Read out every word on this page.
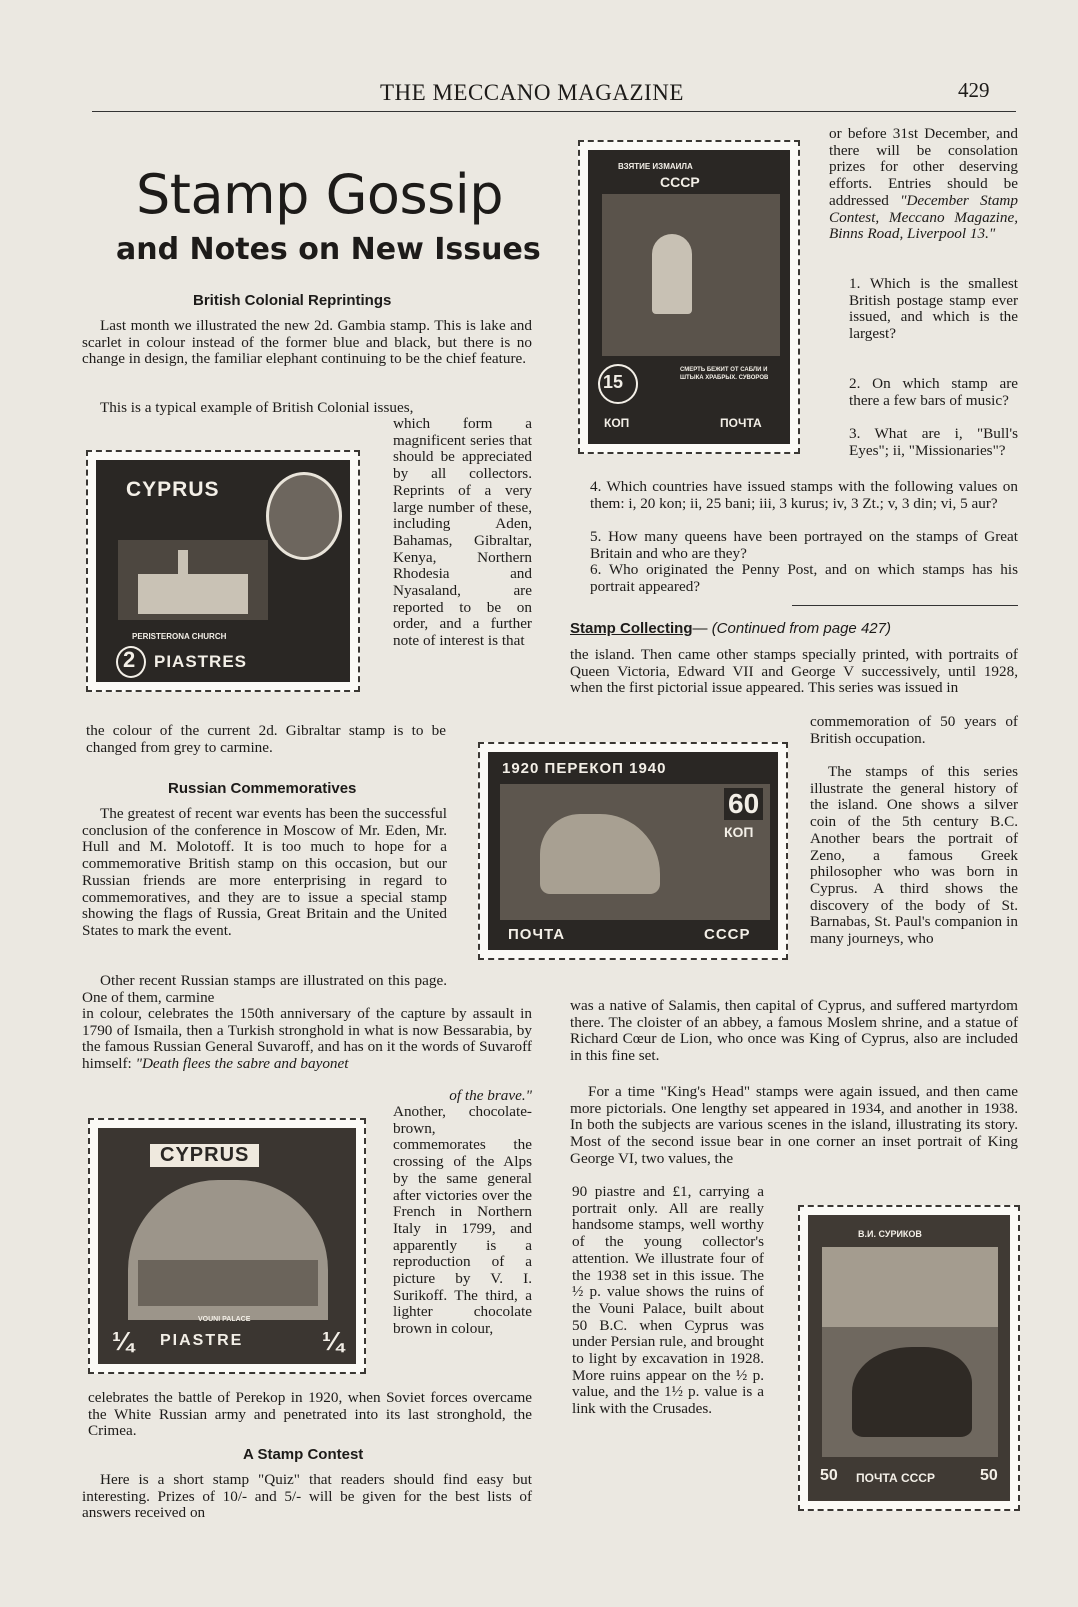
THE MECCANO MAGAZINE	429
Stamp Gossip
and Notes on New Issues
British Colonial Reprintings

Last month we illustrated the new 2d. Gambia stamp. This is lake and scarlet in colour instead of the former blue and black, but there is no change in design, the familiar elephant continuing to be the chief feature.

This is a typical example of British Colonial issues,

which form a magnificent series that should be appreciated by all collectors. Reprints of a very large number of these, including Aden, Bahamas, Gibraltar, Kenya, Northern Rhodesia and Nyasaland, are reported to be on order, and a further note of interest is that

the colour of the current 2d. Gibraltar stamp is to be changed from grey to carmine.

CYPRUS
PERISTERONA CHURCH
2 PIASTRES
Russian Commemoratives

The greatest of recent war events has been the successful conclusion of the conference in Moscow of Mr. Eden, Mr. Hull and M. Molotoff. It is too much to hope for a commemorative British stamp on this occasion, but our Russian friends are more enterprising in regard to commemoratives, and they are to issue a special stamp showing the flags of Russia, Great Britain and the United States to mark the event.

Other recent Russian stamps are illustrated on this page. One of them, carmine

in colour, celebrates the 150th anniversary of the capture by assault in 1790 of Ismaila, then a Turkish stronghold in what is now Bessarabia, by the famous Russian General Suvaroff, and has on it the words of Suvaroff himself: "Death flees the sabre and bayonet
of the brave."

Another, chocolate-brown, commemorates the crossing of the Alps by the same general after victories over the French in Northern Italy in 1799, and apparently is a reproduction of a picture by V. I. Surikoff. The third, a lighter chocolate brown in colour,

celebrates the battle of Perekop in 1920, when Soviet forces overcame the White Russian army and penetrated into its last stronghold, the Crimea.

CYPRUS
VOUNI PALACE
¼ PIASTRE	¼
A Stamp Contest

Here is a short stamp "Quiz" that readers should find easy but interesting. Prizes of 10/- and 5/- will be given for the best lists of answers received on

ВЗЯТИЕ ИЗМАИЛА
СССР
15
СМЕРТЬ БЕЖИТ ОТ САБЛИ И ШТЫКА ХРАБРЫХ. СУВОРОВ
КОП	ПОЧТА

or before 31st December, and there will be consolation prizes for other deserving efforts. Entries should be addressed "December Stamp Contest, Meccano Magazine, Binns Road, Liverpool 13."

1. Which is the smallest British postage stamp ever issued, and which is the largest?
2. On which stamp are there a few bars of music?
3. What are i, "Bull's Eyes"; ii, "Missionaries"?
4. Which countries have issued stamps with the following values on them: i, 20 kon; ii, 25 bani; iii, 3 kurus; iv, 3 Zt.; v, 3 din; vi, 5 aur?
5. How many queens have been portrayed on the stamps of Great Britain and who are they?
6. Who originated the Penny Post, and on which stamps has his portrait appeared?
Stamp Collecting— (Continued from page 427)

the island. Then came other stamps specially printed, with portraits of Queen Victoria, Edward VII and George V successively, until 1928, when the first pictorial issue appeared. This series was issued in

commemoration of 50 years of British occupation.

1920 ПЕРЕКОП 1940
60
КОП
ПОЧТА	СССР

The stamps of this series illustrate the general history of the island. One shows a silver coin of the 5th century B.C. Another bears the portrait of Zeno, a famous Greek philosopher who was born in Cyprus. A third shows the discovery of the body of St. Barnabas, St. Paul's companion in many journeys, who

was a native of Salamis, then capital of Cyprus, and suffered martyrdom there. The cloister of an abbey, a famous Moslem shrine, and a statue of Richard Cœur de Lion, who once was King of Cyprus, also are included in this fine set.

For a time "King's Head" stamps were again issued, and then came more pictorials. One lengthy set appeared in 1934, and another in 1938. In both the subjects are various scenes in the island, illustrating its story. Most of the second issue bear in one corner an inset portrait of King George VI, two values, the

90 piastre and £1, carrying a portrait only. All are really handsome stamps, well worthy of the young collector's attention. We illustrate four of the 1938 set in this issue. The ½ p. value shows the ruins of the Vouni Palace, built about 50 B.C. when Cyprus was under Persian rule, and brought to light by excavation in 1928. More ruins appear on the ½ p. value, and the 1½ p. value is a link with the Crusades.

В.И. СУРИКОВ
50 ПОЧТА СССР	50
